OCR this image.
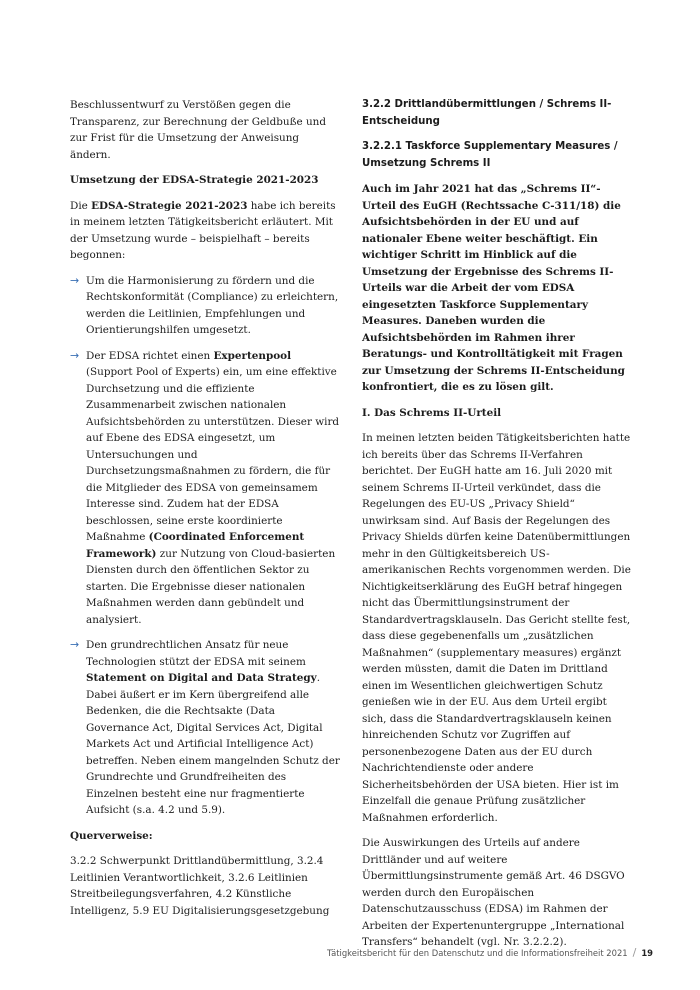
Beschlussentwurf zu Verstößen gegen die Transparenz, zur Berechnung der Geldbuße und zur Frist für die Umsetzung der Anweisung ändern.

Umsetzung der EDSA-Strategie 2021-2023

Die EDSA-Strategie 2021-2023 habe ich bereits in meinem letzten Tätigkeitsbericht erläutert. Mit der Umsetzung wurde – beispielhaft – bereits begonnen:

→ Um die Harmonisierung zu fördern und die Rechtskonformität (Compliance) zu erleichtern, werden die Leitlinien, Empfehlungen und Orientierungshilfen umgesetzt.
→ Der EDSA richtet einen Expertenpool (Support Pool of Experts) ein, um eine effektive Durchsetzung und die effiziente Zusammenarbeit zwischen nationalen Aufsichtsbehörden zu unterstützen. Dieser wird auf Ebene des EDSA eingesetzt, um Untersuchungen und Durchsetzungsmaßnahmen zu fördern, die für die Mitglieder des EDSA von gemeinsamem Interesse sind. Zudem hat der EDSA beschlossen, seine erste koordinierte Maßnahme (Coordinated Enforcement Framework) zur Nutzung von Cloud-basierten Diensten durch den öffentlichen Sektor zu starten. Die Ergebnisse dieser nationalen Maßnahmen werden dann gebündelt und analysiert.
→ Den grundrechtlichen Ansatz für neue Technologien stützt der EDSA mit seinem Statement on Digital and Data Strategy. Dabei äußert er im Kern übergreifend alle Bedenken, die die Rechtsakte (Data Governance Act, Digital Services Act, Digital Markets Act und Artificial Intelligence Act) betreffen. Neben einem mangelnden Schutz der Grundrechte und Grundfreiheiten des Einzelnen besteht eine nur fragmentierte Aufsicht (s.a. 4.2 und 5.9).

Querverweise:

3.2.2 Schwerpunkt Drittlandübermittlung, 3.2.4 Leitlinien Verantwortlichkeit, 3.2.6 Leitlinien Streitbeilegungsverfahren, 4.2 Künstliche Intelligenz, 5.9 EU Digitalisierungsgesetzgebung

3.2.2 Drittlandübermittlungen / Schrems II-Entscheidung

3.2.2.1 Taskforce Supplementary Measures / Umsetzung Schrems II

Auch im Jahr 2021 hat das „Schrems II“-Urteil des EuGH (Rechtssache C-311/18) die Aufsichtsbehörden in der EU und auf nationaler Ebene weiter beschäftigt. Ein wichtiger Schritt im Hinblick auf die Umsetzung der Ergebnisse des Schrems II-Urteils war die Arbeit der vom EDSA eingesetzten Taskforce Supplementary Measures. Daneben wurden die Aufsichtsbehörden im Rahmen ihrer Beratungs- und Kontrolltätigkeit mit Fragen zur Umsetzung der Schrems II-Entscheidung konfrontiert, die es zu lösen gilt.

I. Das Schrems II-Urteil

In meinen letzten beiden Tätigkeitsberichten hatte ich bereits über das Schrems II-Verfahren berichtet. Der EuGH hatte am 16. Juli 2020 mit seinem Schrems II-Urteil verkündet, dass die Regelungen des EU-US „Privacy Shield“ unwirksam sind. Auf Basis der Regelungen des Privacy Shields dürfen keine Datenübermittlungen mehr in den Gültigkeitsbereich US-amerikanischen Rechts vorgenommen werden. Die Nichtigkeitserklärung des EuGH betraf hingegen nicht das Übermittlungsinstrument der Standardvertragsklauseln. Das Gericht stellte fest, dass diese gegebenenfalls um „zusätzlichen Maßnahmen“ (supplementary measures) ergänzt werden müssten, damit die Daten im Drittland einen im Wesentlichen gleichwertigen Schutz genießen wie in der EU. Aus dem Urteil ergibt sich, dass die Standardvertragsklauseln keinen hinreichenden Schutz vor Zugriffen auf personenbezogene Daten aus der EU durch Nachrichtendienste oder andere Sicherheitsbehörden der USA bieten. Hier ist im Einzelfall die genaue Prüfung zusätzlicher Maßnahmen erforderlich.

Die Auswirkungen des Urteils auf andere Drittländer und auf weitere Übermittlungsinstrumente gemäß Art. 46 DSGVO werden durch den Europäischen Datenschutzausschuss (EDSA) im Rahmen der Arbeiten der Expertenuntergruppe „International Transfers“ behandelt (vgl. Nr. 3.2.2.2).

Tätigkeitsbericht für den Datenschutz und die Informationsfreiheit 2021 / 19
